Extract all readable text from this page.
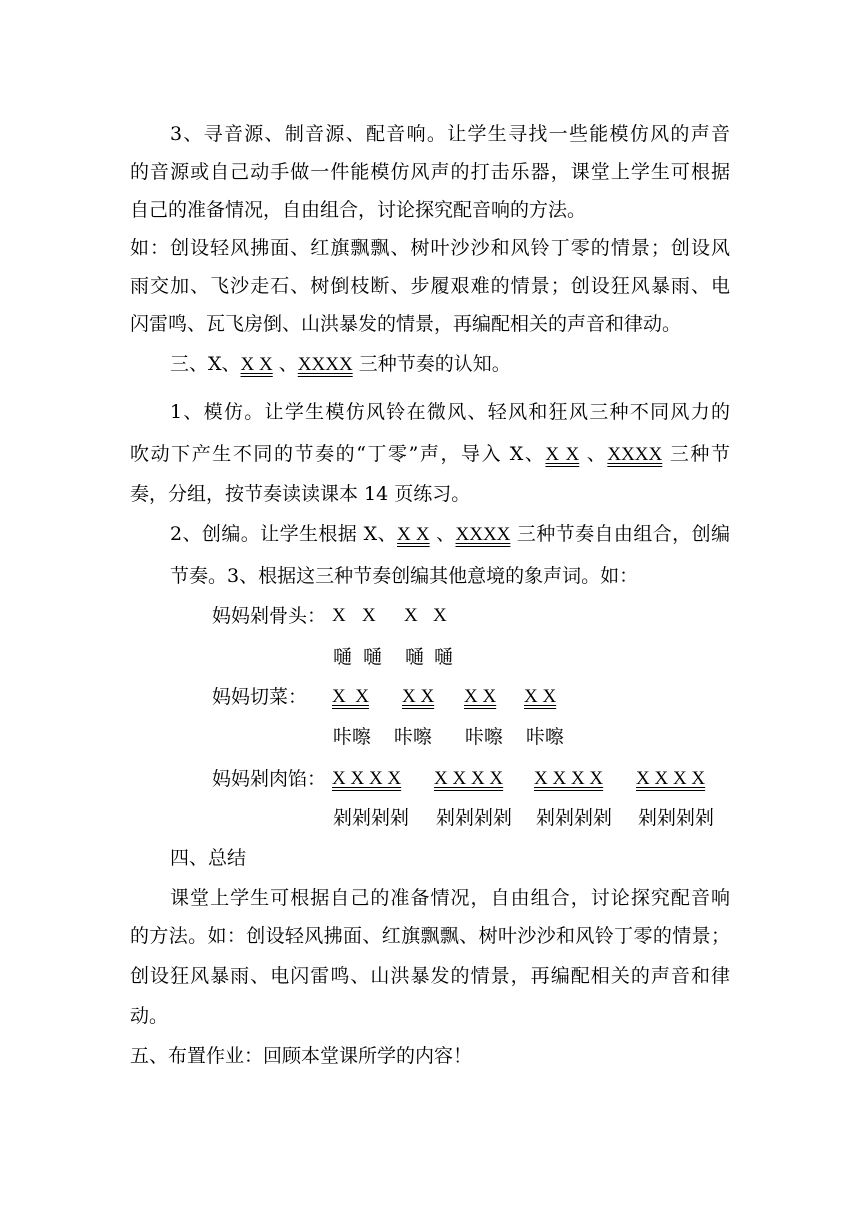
3、寻音源、制音源、配音响。让学生寻找一些能模仿风的声音
的音源或自己动手做一件能模仿风声的打击乐器，课堂上学生可根据
自己的准备情况，自由组合，讨论探究配音响的方法。
如：创设轻风拂面、红旗飘飘、树叶沙沙和风铃丁零的情景；创设风
雨交加、飞沙走石、树倒枝断、步履艰难的情景；创设狂风暴雨、电
闪雷鸣、瓦飞房倒、山洪暴发的情景，再编配相关的声音和律动。
三、X、X X 、XXXX 三种节奏的认知。
1、模仿。让学生模仿风铃在微风、轻风和狂风三种不同风力的
吹动下产生不同的节奏的“丁零”声，导入 X、X X 、XXXX 三种节
奏，分组，按节奏读读课本 14 页练习。
2、创编。让学生根据 X、X X 、XXXX 三种节奏自由组合，创编
节奏。3、根据这三种节奏创编其他意境的象声词。如：
妈妈剁骨头： X X X X
嗵 嗵 嗵 嗵
妈妈切菜： X  X X X X X X X
咔嚓 咔嚓 咔嚓 咔嚓
妈妈剁肉馅： X X X X X X X X X X X X X X X X
剁剁剁剁 剁剁剁剁 剁剁剁剁 剁剁剁剁
四、总结
课堂上学生可根据自己的准备情况，自由组合，讨论探究配音响
的方法。如：创设轻风拂面、红旗飘飘、树叶沙沙和风铃丁零的情景；
创设狂风暴雨、电闪雷鸣、山洪暴发的情景，再编配相关的声音和律
动。
五、布置作业：回顾本堂课所学的内容！
